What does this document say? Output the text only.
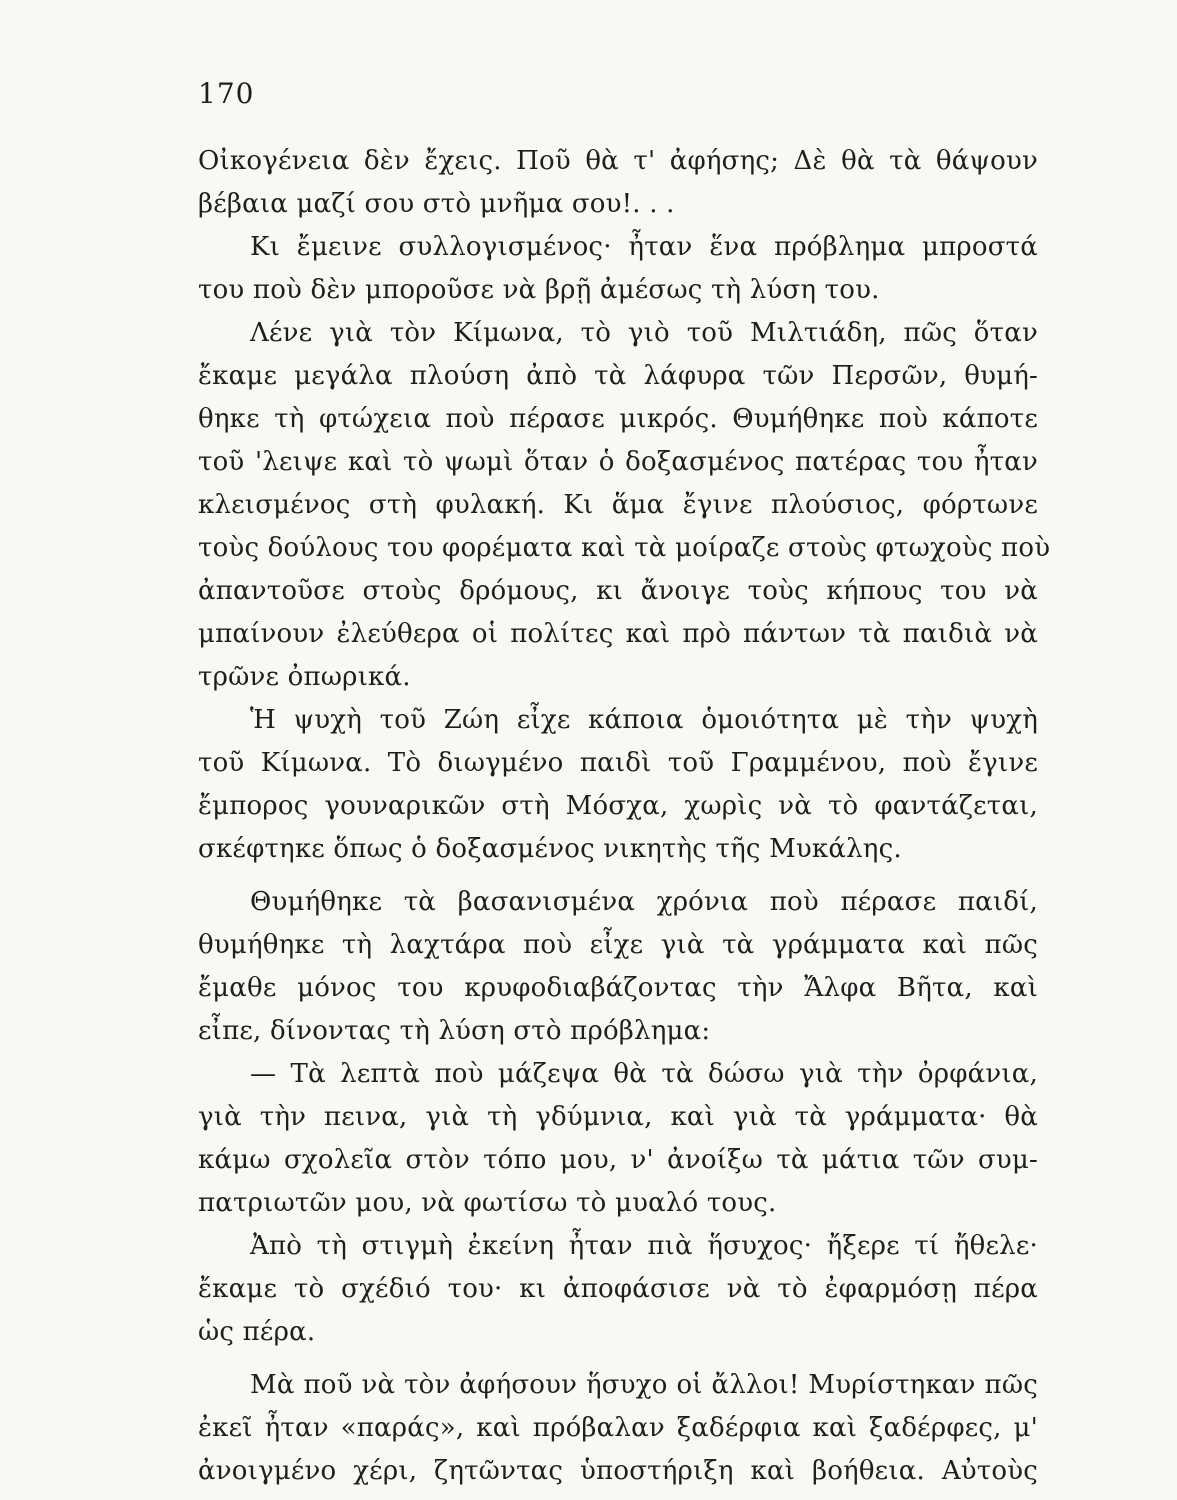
170
Οἰκογένεια δὲν ἔχεις. Ποῦ θὰ τ' ἀφήσης; Δὲ θὰ τὰ θάψουν
βέβαια μαζί σου στὸ μνῆμα σου!. . .
Κι ἔμεινε συλλογισμένος· ἦταν ἕνα πρόβλημα μπροστά
του ποὺ δὲν μποροῦσε νὰ βρῇ ἀμέσως τὴ λύση του.
Λένε γιὰ τὸν Κίμωνα, τὸ γιὸ τοῦ Μιλτιάδη, πῶς ὅταν
ἔκαμε μεγάλα πλούση ἀπὸ τὰ λάφυρα τῶν Περσῶν, θυμή-
θηκε τὴ φτώχεια ποὺ πέρασε μικρός. Θυμήθηκε ποὺ κάποτε
τοῦ 'λειψε καὶ τὸ ψωμὶ ὅταν ὁ δοξασμένος πατέρας του ἦταν
κλεισμένος στὴ φυλακή. Κι ἅμα ἔγινε πλούσιος, φόρτωνε
τοὺς δούλους του φορέματα καὶ τὰ μοίραζε στοὺς φτωχοὺς ποὺ
ἀπαντοῦσε στοὺς δρόμους, κι ἄνοιγε τοὺς κήπους του νὰ
μπαίνουν ἐλεύθερα οἱ πολίτες καὶ πρὸ πάντων τὰ παιδιὰ νὰ
τρῶνε ὀπωρικά.
Ἡ ψυχὴ τοῦ Ζώη εἶχε κάποια ὁμοιότητα μὲ τὴν ψυχὴ
τοῦ Κίμωνα. Τὸ διωγμένο παιδὶ τοῦ Γραμμένου, ποὺ ἔγινε
ἔμπορος γουναρικῶν στὴ Μόσχα, χωρὶς νὰ τὸ φαντάζεται,
σκέφτηκε ὅπως ὁ δοξασμένος νικητὴς τῆς Μυκάλης.
Θυμήθηκε τὰ βασανισμένα χρόνια ποὺ πέρασε παιδί,
θυμήθηκε τὴ λαχτάρα ποὺ εἶχε γιὰ τὰ γράμματα καὶ πῶς
ἔμαθε μόνος του κρυφοδιαβάζοντας τὴν Ἄλφα Βῆτα, καὶ
εἶπε, δίνοντας τὴ λύση στὸ πρόβλημα:
— Τὰ λεπτὰ ποὺ μάζεψα θὰ τὰ δώσω γιὰ τὴν ὀρφάνια,
γιὰ τὴν πεινα, γιὰ τὴ γδύμνια, καὶ γιὰ τὰ γράμματα· θὰ
κάμω σχολεῖα στὸν τόπο μου, ν' ἀνοίξω τὰ μάτια τῶν συμ-
πατριωτῶν μου, νὰ φωτίσω τὸ μυαλό τους.
Ἀπὸ τὴ στιγμὴ ἐκείνη ἦταν πιὰ ἥσυχος· ἤξερε τί ἤθελε·
ἔκαμε τὸ σχέδιό του· κι ἀποφάσισε νὰ τὸ ἐφαρμόσῃ πέρα
ὡς πέρα.
Μὰ ποῦ νὰ τὸν ἀφήσουν ἥσυχο οἱ ἄλλοι! Μυρίστηκαν πῶς
ἐκεῖ ἦταν «παράς», καὶ πρόβαλαν ξαδέρφια καὶ ξαδέρφες, μ'
ἀνοιγμένο χέρι, ζητῶντας ὑποστήριξη καὶ βοήθεια. Αὐτοὺς
